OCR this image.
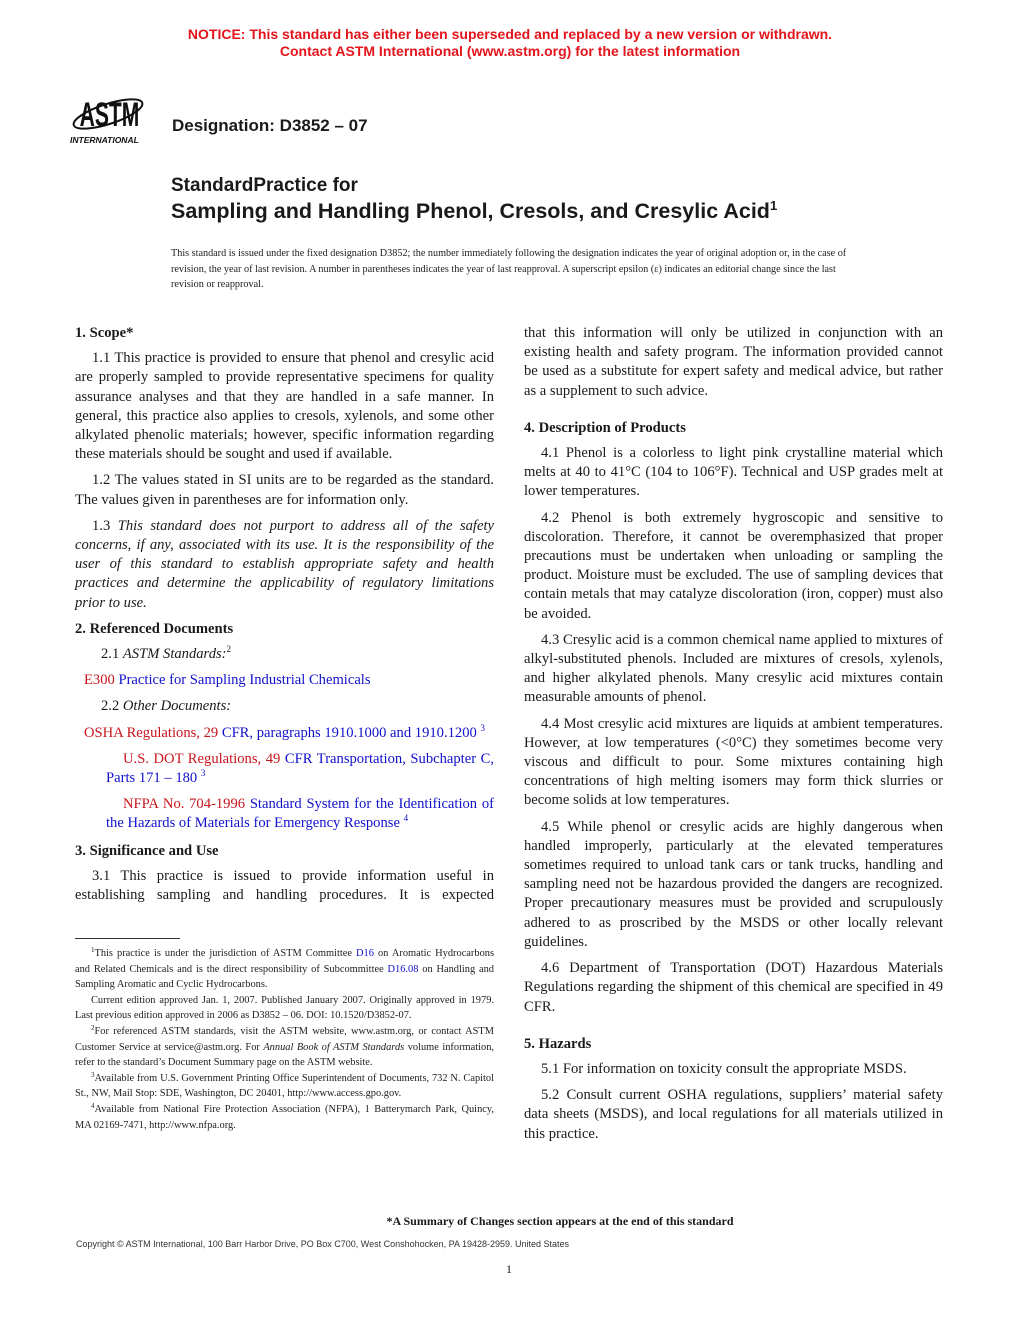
NOTICE: This standard has either been superseded and replaced by a new version or withdrawn.
Contact ASTM International (www.astm.org) for the latest information
ASTM
INTERNATIONAL
Designation: D3852 – 07
StandardPractice for
Sampling and Handling Phenol, Cresols, and Cresylic Acid$^1$
This standard is issued under the fixed designation D3852; the number immediately following the designation indicates the year of original adoption or, in the case of revision, the year of last revision. A number in parentheses indicates the year of last reapproval. A superscript epsilon (ε) indicates an editorial change since the last revision or reapproval.
1. Scope*

1.1 This practice is provided to ensure that phenol and cresylic acid are properly sampled to provide representative specimens for quality assurance analyses and that they are handled in a safe manner. In general, this practice also applies to cresols, xylenols, and some other alkylated phenolic materials; however, specific information regarding these materials should be sought and used if available.

1.2 The values stated in SI units are to be regarded as the standard. The values given in parentheses are for information only.

1.3 This standard does not purport to address all of the safety concerns, if any, associated with its use. It is the responsibility of the user of this standard to establish appropriate safety and health practices and determine the applicability of regulatory limitations prior to use.

2. Referenced Documents

2.1 ASTM Standards:$^2$

E300 Practice for Sampling Industrial Chemicals

2.2 Other Documents:

OSHA Regulations, 29 CFR, paragraphs 1910.1000 and 1910.1200 $^3$

U.S. DOT Regulations, 49 CFR Transportation, Subchapter C, Parts 171 – 180 $^3$

NFPA No. 704-1996 Standard System for the Identification of the Hazards of Materials for Emergency Response $^4$

3. Significance and Use

3.1 This practice is issued to provide information useful in establishing sampling and handling procedures. It is expected

$^1$This practice is under the jurisdiction of ASTM Committee D16 on Aromatic Hydrocarbons and Related Chemicals and is the direct responsibility of Subcommittee D16.08 on Handling and Sampling Aromatic and Cyclic Hydrocarbons.

Current edition approved Jan. 1, 2007. Published January 2007. Originally approved in 1979. Last previous edition approved in 2006 as D3852 – 06. DOI: 10.1520/D3852-07.

$^2$For referenced ASTM standards, visit the ASTM website, www.astm.org, or contact ASTM Customer Service at service@astm.org. For Annual Book of ASTM Standards volume information, refer to the standard’s Document Summary page on the ASTM website.

$^3$Available from U.S. Government Printing Office Superintendent of Documents, 732 N. Capitol St., NW, Mail Stop: SDE, Washington, DC 20401, http://www.access.gpo.gov.

$^4$Available from National Fire Protection Association (NFPA), 1 Batterymarch Park, Quincy, MA 02169-7471, http://www.nfpa.org.

that this information will only be utilized in conjunction with an existing health and safety program. The information provided cannot be used as a substitute for expert safety and medical advice, but rather as a supplement to such advice.

4. Description of Products

4.1 Phenol is a colorless to light pink crystalline material which melts at 40 to 41°C (104 to 106°F). Technical and USP grades melt at lower temperatures.

4.2 Phenol is both extremely hygroscopic and sensitive to discoloration. Therefore, it cannot be overemphasized that proper precautions must be undertaken when unloading or sampling the product. Moisture must be excluded. The use of sampling devices that contain metals that may catalyze discoloration (iron, copper) must also be avoided.

4.3 Cresylic acid is a common chemical name applied to mixtures of alkyl-substituted phenols. Included are mixtures of cresols, xylenols, and higher alkylated phenols. Many cresylic acid mixtures contain measurable amounts of phenol.

4.4 Most cresylic acid mixtures are liquids at ambient temperatures. However, at low temperatures (<0°C) they sometimes become very viscous and difficult to pour. Some mixtures containing high concentrations of high melting isomers may form thick slurries or become solids at low temperatures.

4.5 While phenol or cresylic acids are highly dangerous when handled improperly, particularly at the elevated temperatures sometimes required to unload tank cars or tank trucks, handling and sampling need not be hazardous provided the dangers are recognized. Proper precautionary measures must be provided and scrupulously adhered to as proscribed by the MSDS or other locally relevant guidelines.

4.6 Department of Transportation (DOT) Hazardous Materials Regulations regarding the shipment of this chemical are specified in 49 CFR.

5. Hazards

5.1 For information on toxicity consult the appropriate MSDS.

5.2 Consult current OSHA regulations, suppliers’ material safety data sheets (MSDS), and local regulations for all materials utilized in this practice.

*A Summary of Changes section appears at the end of this standard
Copyright © ASTM International, 100 Barr Harbor Drive, PO Box C700, West Conshohocken, PA 19428-2959. United States
1
